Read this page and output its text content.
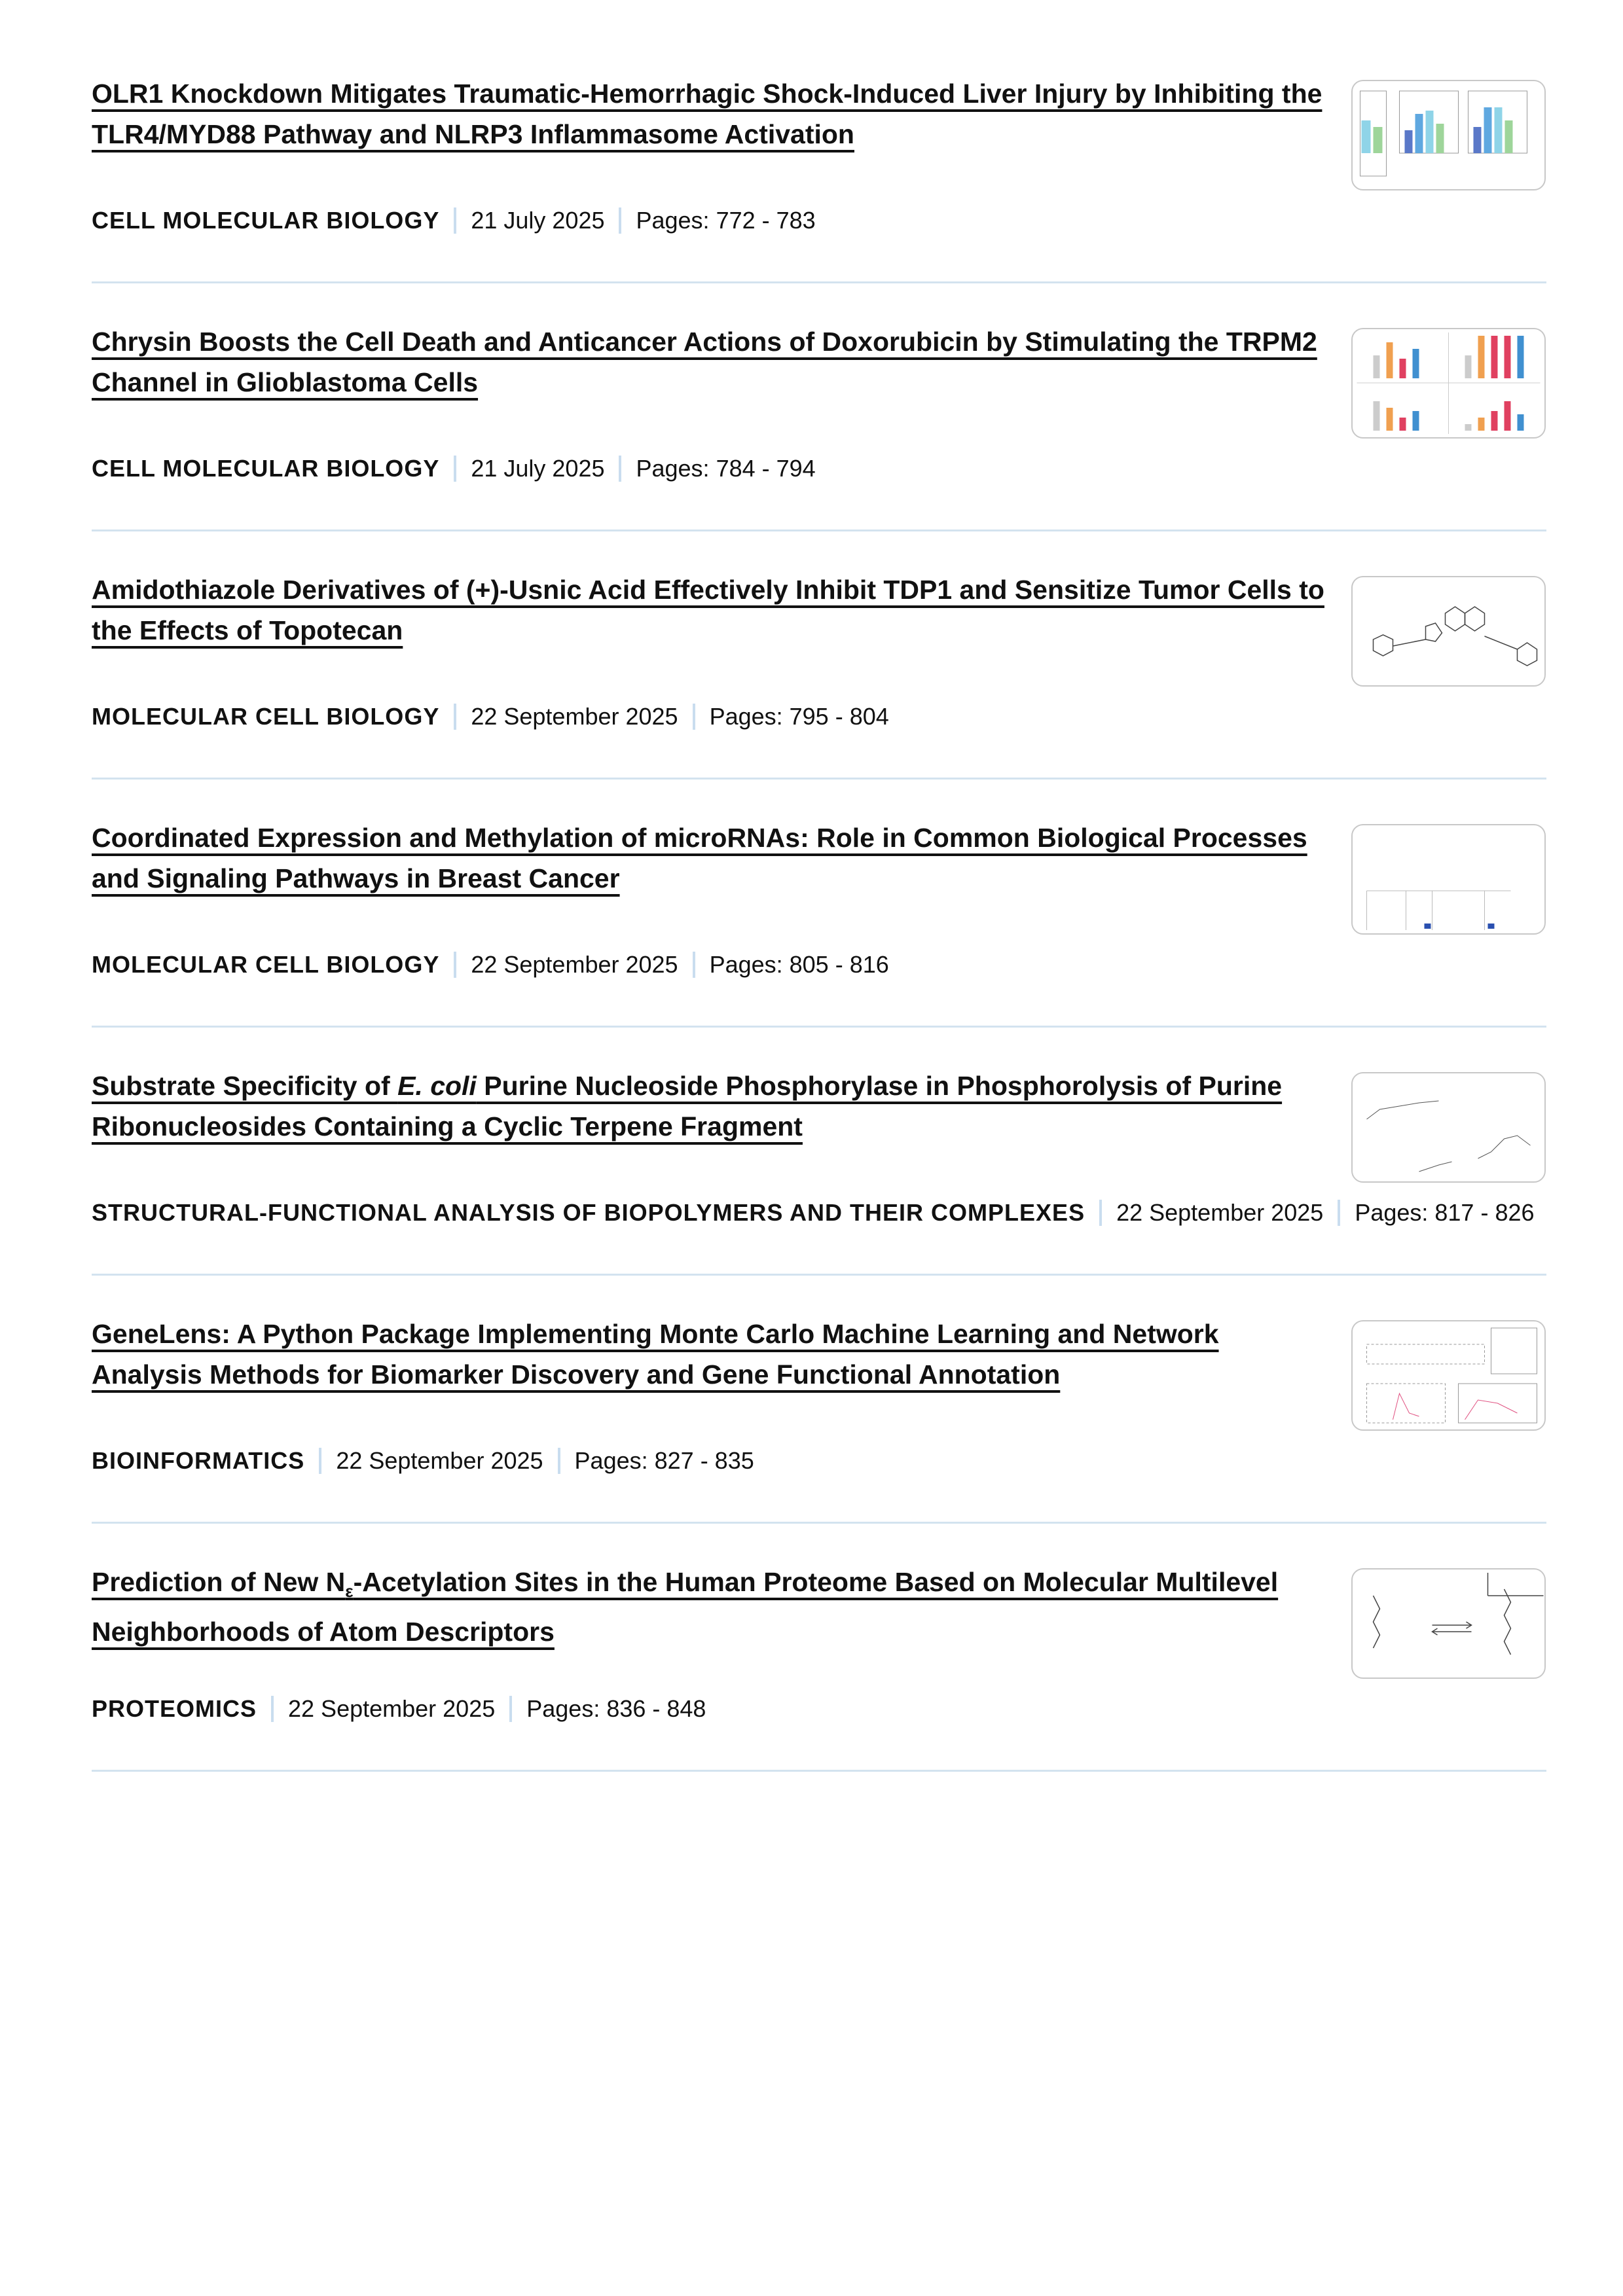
OLR1 Knockdown Mitigates Traumatic-Hemorrhagic Shock-Induced Liver Injury by Inhibiting the TLR4/MYD88 Pathway and NLRP3 Inflammasome Activation
CELL MOLECULAR BIOLOGY 21 July 2025 Pages: 772 - 783
Chrysin Boosts the Cell Death and Anticancer Actions of Doxorubicin by Stimulating the TRPM2 Channel in Glioblastoma Cells
CELL MOLECULAR BIOLOGY 21 July 2025 Pages: 784 - 794
Amidothiazole Derivatives of (+)-Usnic Acid Effectively Inhibit TDP1 and Sensitize Tumor Cells to the Effects of Topotecan
MOLECULAR CELL BIOLOGY 22 September 2025 Pages: 795 - 804
Coordinated Expression and Methylation of microRNAs: Role in Common Biological Processes and Signaling Pathways in Breast Cancer
MOLECULAR CELL BIOLOGY 22 September 2025 Pages: 805 - 816
Substrate Specificity of E. coli Purine Nucleoside Phosphorylase in Phosphorolysis of Purine Ribonucleosides Containing a Cyclic Terpene Fragment
STRUCTURAL-FUNCTIONAL ANALYSIS OF BIOPOLYMERS AND THEIR COMPLEXES 22 September 2025 Pages: 817 - 826
GeneLens: A Python Package Implementing Monte Carlo Machine Learning and Network Analysis Methods for Biomarker Discovery and Gene Functional Annotation
BIOINFORMATICS 22 September 2025 Pages: 827 - 835
Prediction of New $N_\varepsilon$-Acetylation Sites in the Human Proteome Based on Molecular Multilevel Neighborhoods of Atom Descriptors
PROTEOMICS 22 September 2025 Pages: 836 - 848
